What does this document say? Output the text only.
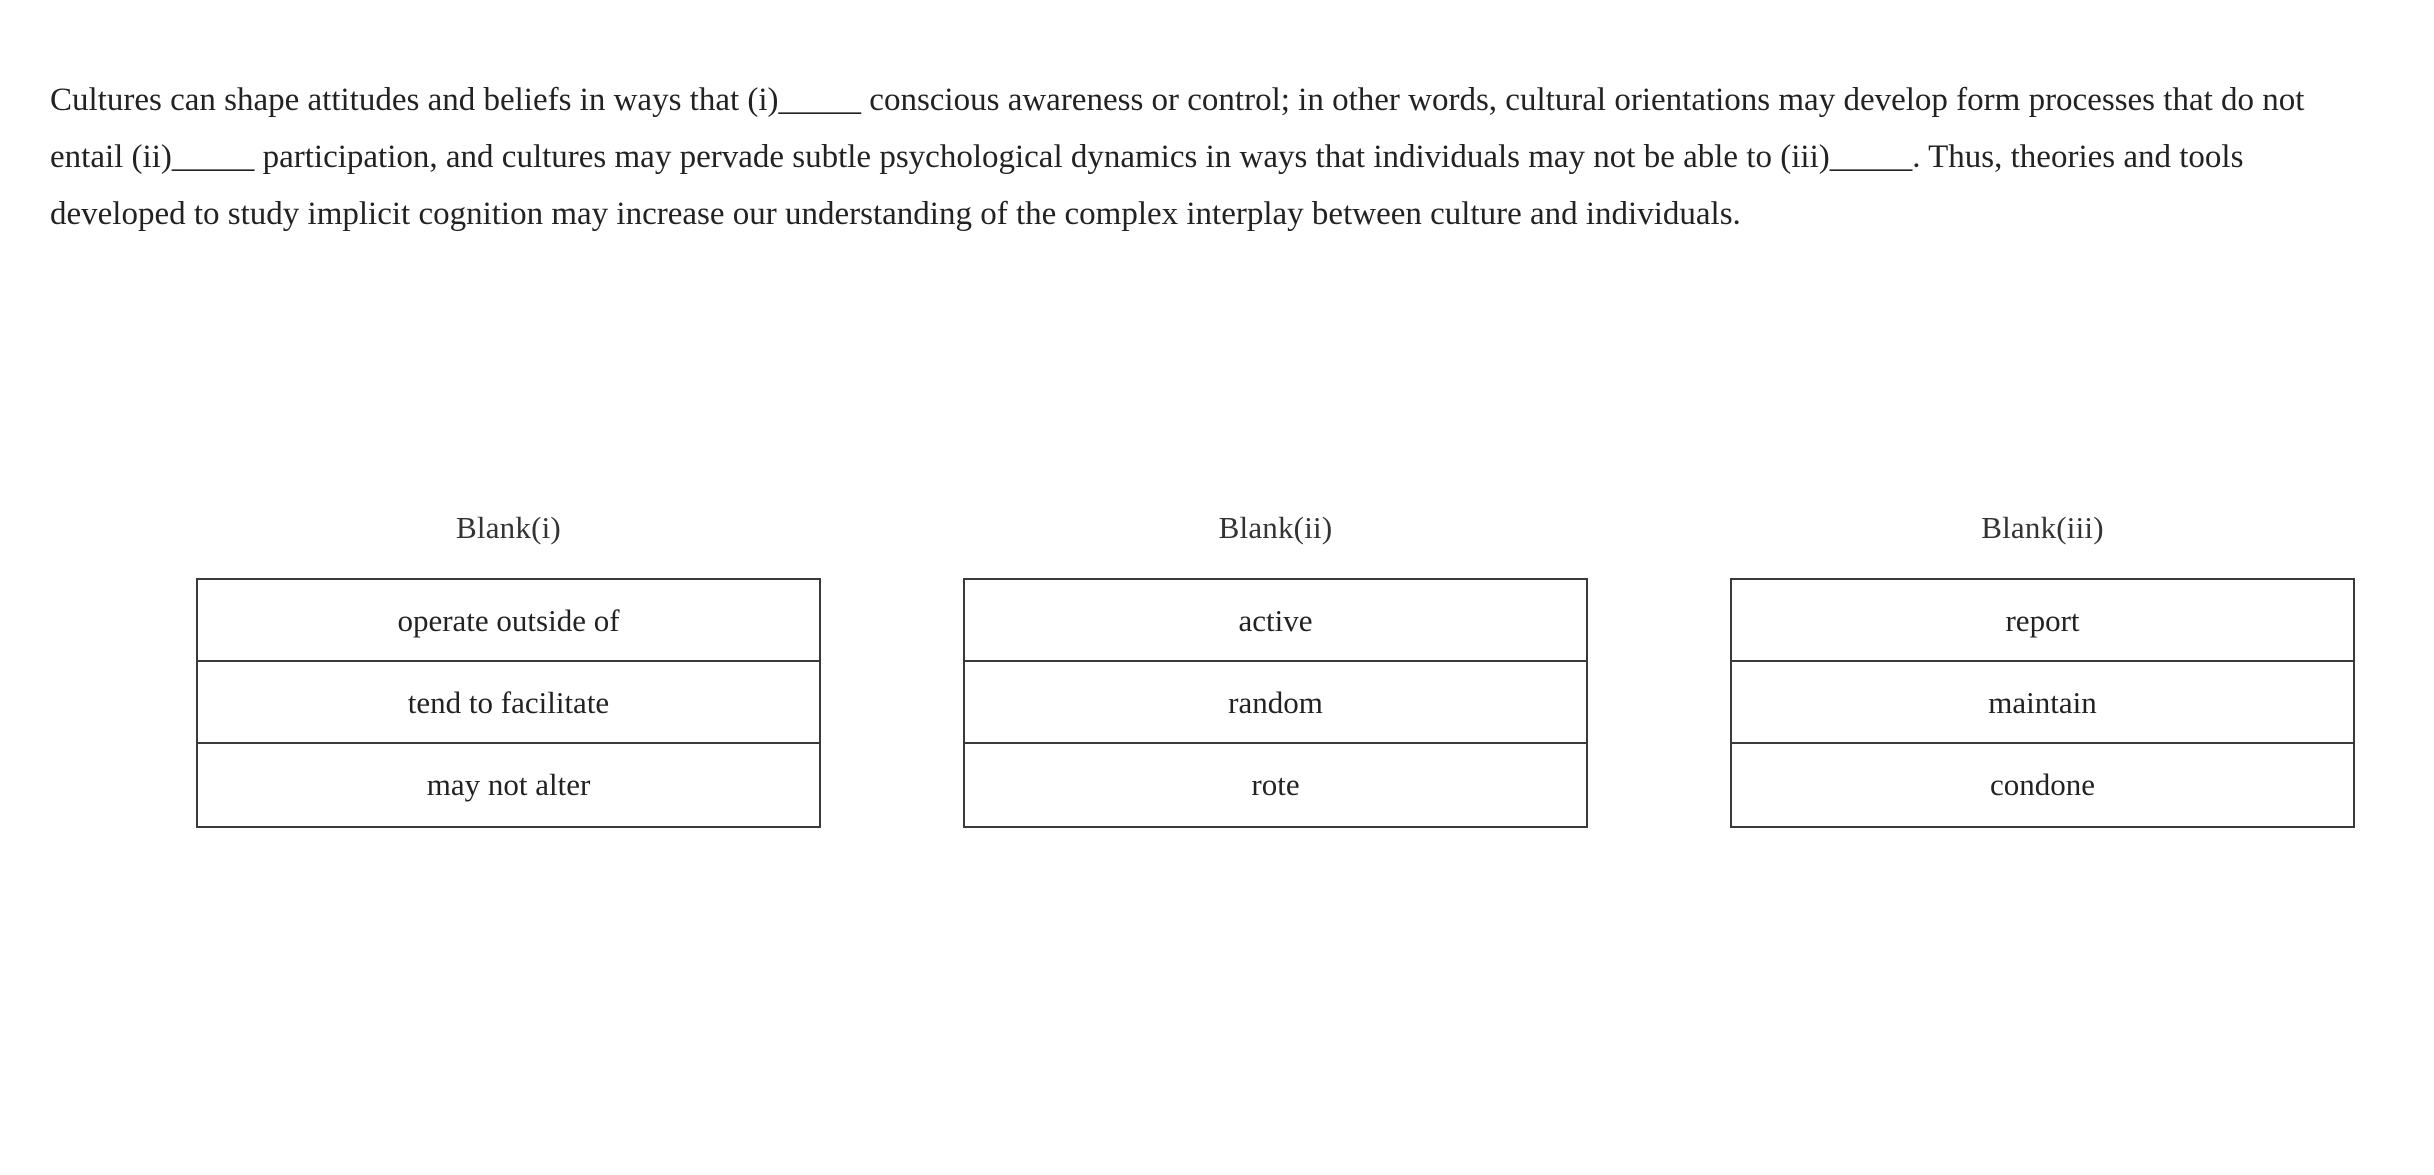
Cultures can shape attitudes and beliefs in ways that (i)_____ conscious awareness or control; in other words, cultural orientations may develop form processes that do not entail (ii)_____ participation, and cultures may pervade subtle psychological dynamics in ways that individuals may not be able to (iii)_____. Thus, theories and tools developed to study implicit cognition may increase our understanding of the complex interplay between culture and individuals.
Blank(i)
operate outside of
tend to facilitate
may not alter
Blank(ii)
active
random
rote
Blank(iii)
report
maintain
condone
